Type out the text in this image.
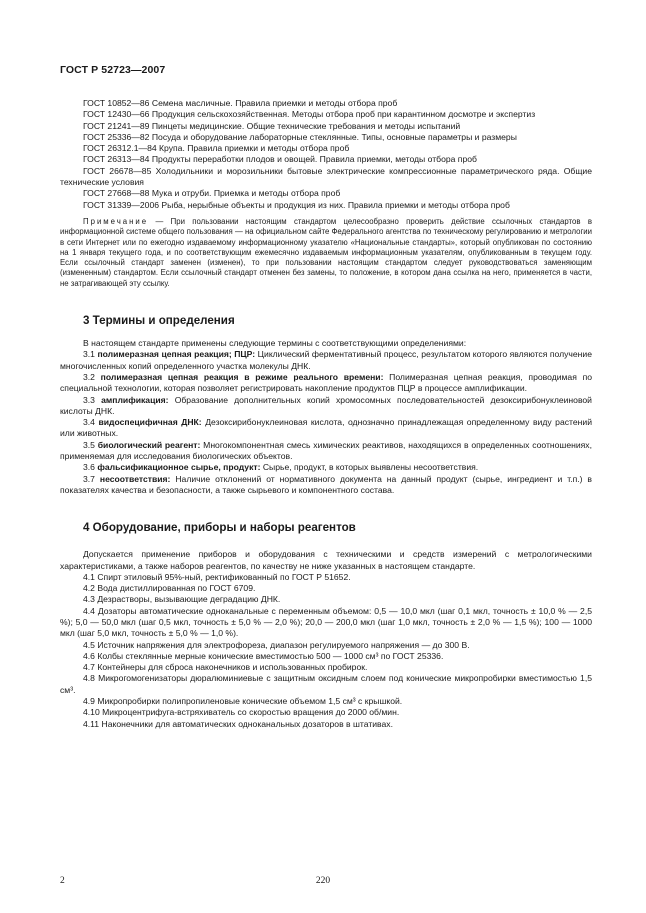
ГОСТ Р 52723—2007

ГОСТ 10852—86 Семена масличные. Правила приемки и методы отбора проб

ГОСТ 12430—66 Продукция сельскохозяйственная. Методы отбора проб при карантинном досмотре и экспертиз

ГОСТ 21241—89 Пинцеты медицинские. Общие технические требования и методы испытаний

ГОСТ 25336—82 Посуда и оборудование лабораторные стеклянные. Типы, основные параметры и размеры

ГОСТ 26312.1—84 Крупа. Правила приемки и методы отбора проб

ГОСТ 26313—84 Продукты переработки плодов и овощей. Правила приемки, методы отбора проб

ГОСТ 26678—85 Холодильники и морозильники бытовые электрические компрессионные параметрического ряда. Общие технические условия

ГОСТ 27668—88 Мука и отруби. Приемка и методы отбора проб

ГОСТ 31339—2006 Рыба, нерыбные объекты и продукция из них. Правила приемки и методы отбора проб

Примечание — При пользовании настоящим стандартом целесообразно проверить действие ссылочных стандартов в информационной системе общего пользования — на официальном сайте Федерального агентства по техническому регулированию и метрологии в сети Интернет или по ежегодно издаваемому информационному указателю «Национальные стандарты», который опубликован по состоянию на 1 января текущего года, и по соответствующим ежемесячно издаваемым информационным указателям, опубликованным в текущем году. Если ссылочный стандарт заменен (изменен), то при пользовании настоящим стандартом следует руководствоваться заменяющим (измененным) стандартом. Если ссылочный стандарт отменен без замены, то положение, в котором дана ссылка на него, применяется в части, не затрагивающей эту ссылку.

3 Термины и определения

В настоящем стандарте применены следующие термины с соответствующими определениями:

3.1 полимеразная цепная реакция; ПЦР: Циклический ферментативный процесс, результатом которого являются получение многочисленных копий определенного участка молекулы ДНК.

3.2 полимеразная цепная реакция в режиме реального времени: Полимеразная цепная реакция, проводимая по специальной технологии, которая позволяет регистрировать накопление продуктов ПЦР в процессе амплификации.

3.3 амплификация: Образование дополнительных копий хромосомных последовательностей дезоксирибонуклеиновой кислоты ДНК.

3.4 видоспецифичная ДНК: Дезоксирибонуклеиновая кислота, однозначно принадлежащая определенному виду растений или животных.

3.5 биологический реагент: Многокомпонентная смесь химических реактивов, находящихся в определенных соотношениях, применяемая для исследования биологических объектов.

3.6 фальсификационное сырье, продукт: Сырье, продукт, в которых выявлены несоответствия.

3.7 несоответствия: Наличие отклонений от нормативного документа на данный продукт (сырье, ингредиент и т.п.) в показателях качества и безопасности, а также сырьевого и компонентного состава.

4 Оборудование, приборы и наборы реагентов

Допускается применение приборов и оборудования с техническими и средств измерений с метрологическими характеристиками, а также наборов реагентов, по качеству не ниже указанных в настоящем стандарте.

4.1 Спирт этиловый 95%-ный, ректификованный по ГОСТ Р 51652.

4.2 Вода дистиллированная по ГОСТ 6709.

4.3 Дезрастворы, вызывающие деградацию ДНК.

4.4 Дозаторы автоматические одноканальные с переменным объемом: 0,5 — 10,0 мкл (шаг 0,1 мкл, точность ± 10,0 % — 2,5 %); 5,0 — 50,0 мкл (шаг 0,5 мкл, точность ± 5,0 % — 2,0 %); 20,0 — 200,0 мкл (шаг 1,0 мкл, точность ± 2,0 % — 1,5 %); 100 — 1000 мкл (шаг 5,0 мкл, точность ± 5,0 % — 1,0 %).

4.5 Источник напряжения для электрофореза, диапазон регулируемого напряжения — до 300 В.

4.6 Колбы стеклянные мерные конические вместимостью 500 — 1000 см³ по ГОСТ 25336.

4.7 Контейнеры для сброса наконечников и использованных пробирок.

4.8 Микрогомогенизаторы дюралюминиевые с защитным оксидным слоем под конические микропробирки вместимостью 1,5 см³.

4.9 Микропробирки полипропиленовые конические объемом 1,5 см³ с крышкой.

4.10 Микроцентрифуга-встряхиватель со скоростью вращения до 2000 об/мин.

4.11 Наконечники для автоматических одноканальных дозаторов в штативах.

2	220
